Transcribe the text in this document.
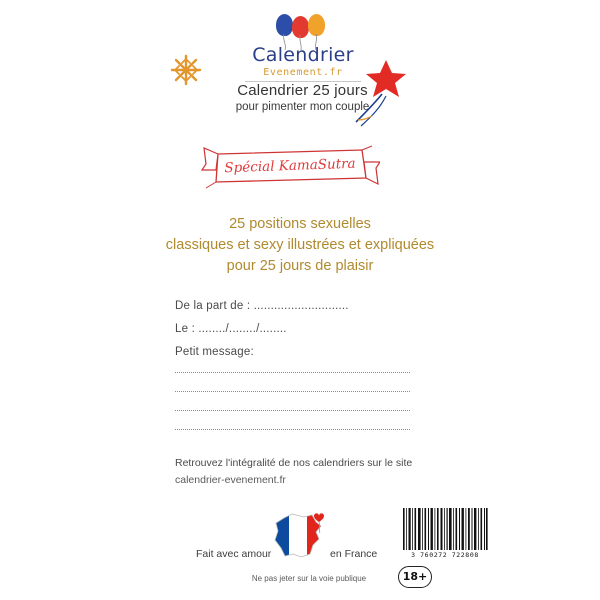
Calendrier
Evenement.fr
Calendrier 25 jours
pour pimenter mon couple
Spécial KamaSutra
25 positions sexuelles
classiques et sexy illustrées et expliquées
pour 25 jours de plaisir
De la part de : ............................
Le : ......../......../........
Petit message:
Retrouvez l'intégralité de nos calendriers sur le site
calendrier-evenement.fr
Fait avec amour	en France
Ne pas jeter sur la voie publique
3 760272 722808
18+
